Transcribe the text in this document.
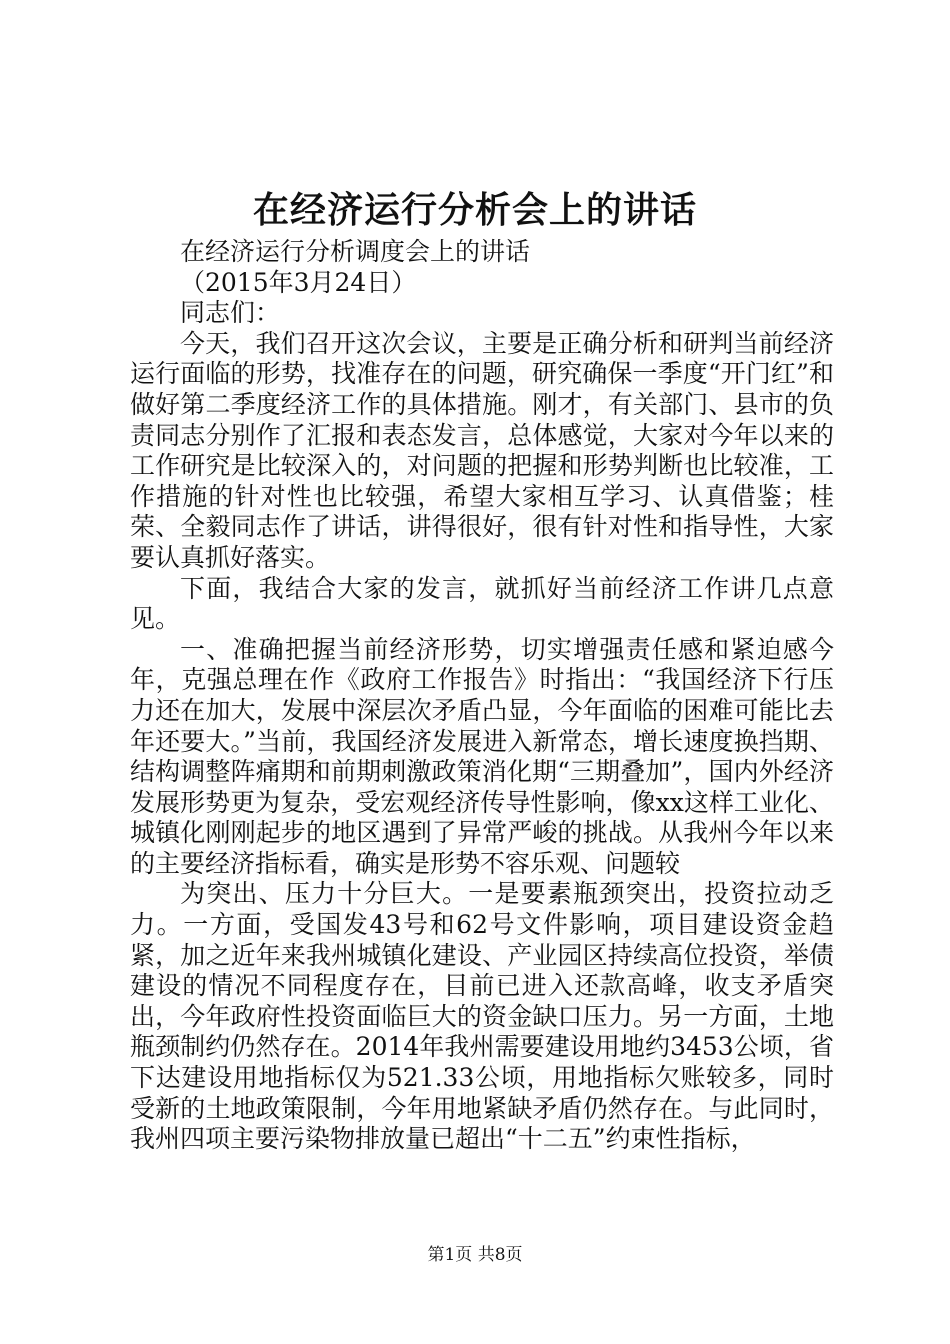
在经济运行分析会上的讲话

在经济运行分析调度会上的讲话

（2015年3月24日）

同志们：

今天，我们召开这次会议，主要是正确分析和研判当前经济运行面临的形势，找准存在的问题，研究确保一季度“开门红”和做好第二季度经济工作的具体措施。刚才，有关部门、县市的负责同志分别作了汇报和表态发言，总体感觉，大家对今年以来的工作研究是比较深入的，对问题的把握和形势判断也比较准，工作措施的针对性也比较强，希望大家相互学习、认真借鉴；桂荣、全毅同志作了讲话，讲得很好，很有针对性和指导性，大家要认真抓好落实。

下面，我结合大家的发言，就抓好当前经济工作讲几点意见。

一、准确把握当前经济形势，切实增强责任感和紧迫感今年，克强总理在作《政府工作报告》时指出：“我国经济下行压力还在加大，发展中深层次矛盾凸显，今年面临的困难可能比去年还要大。”当前，我国经济发展进入新常态，增长速度换挡期、结构调整阵痛期和前期刺激政策消化期“三期叠加”，国内外经济发展形势更为复杂，受宏观经济传导性影响，像xx这样工业化、城镇化刚刚起步的地区遇到了异常严峻的挑战。从我州今年以来的主要经济指标看，确实是形势不容乐观、问题较

为突出、压力十分巨大。一是要素瓶颈突出，投资拉动乏力。一方面，受国发43号和62号文件影响，项目建设资金趋紧，加之近年来我州城镇化建设、产业园区持续高位投资，举债建设的情况不同程度存在，目前已进入还款高峰，收支矛盾突出，今年政府性投资面临巨大的资金缺口压力。另一方面，土地瓶颈制约仍然存在。2014年我州需要建设用地约3453公顷，省下达建设用地指标仅为521.33公顷，用地指标欠账较多，同时受新的土地政策限制，今年用地紧缺矛盾仍然存在。与此同时，我州四项主要污染物排放量已超出“十二五”约束性指标，

第1页 共8页
